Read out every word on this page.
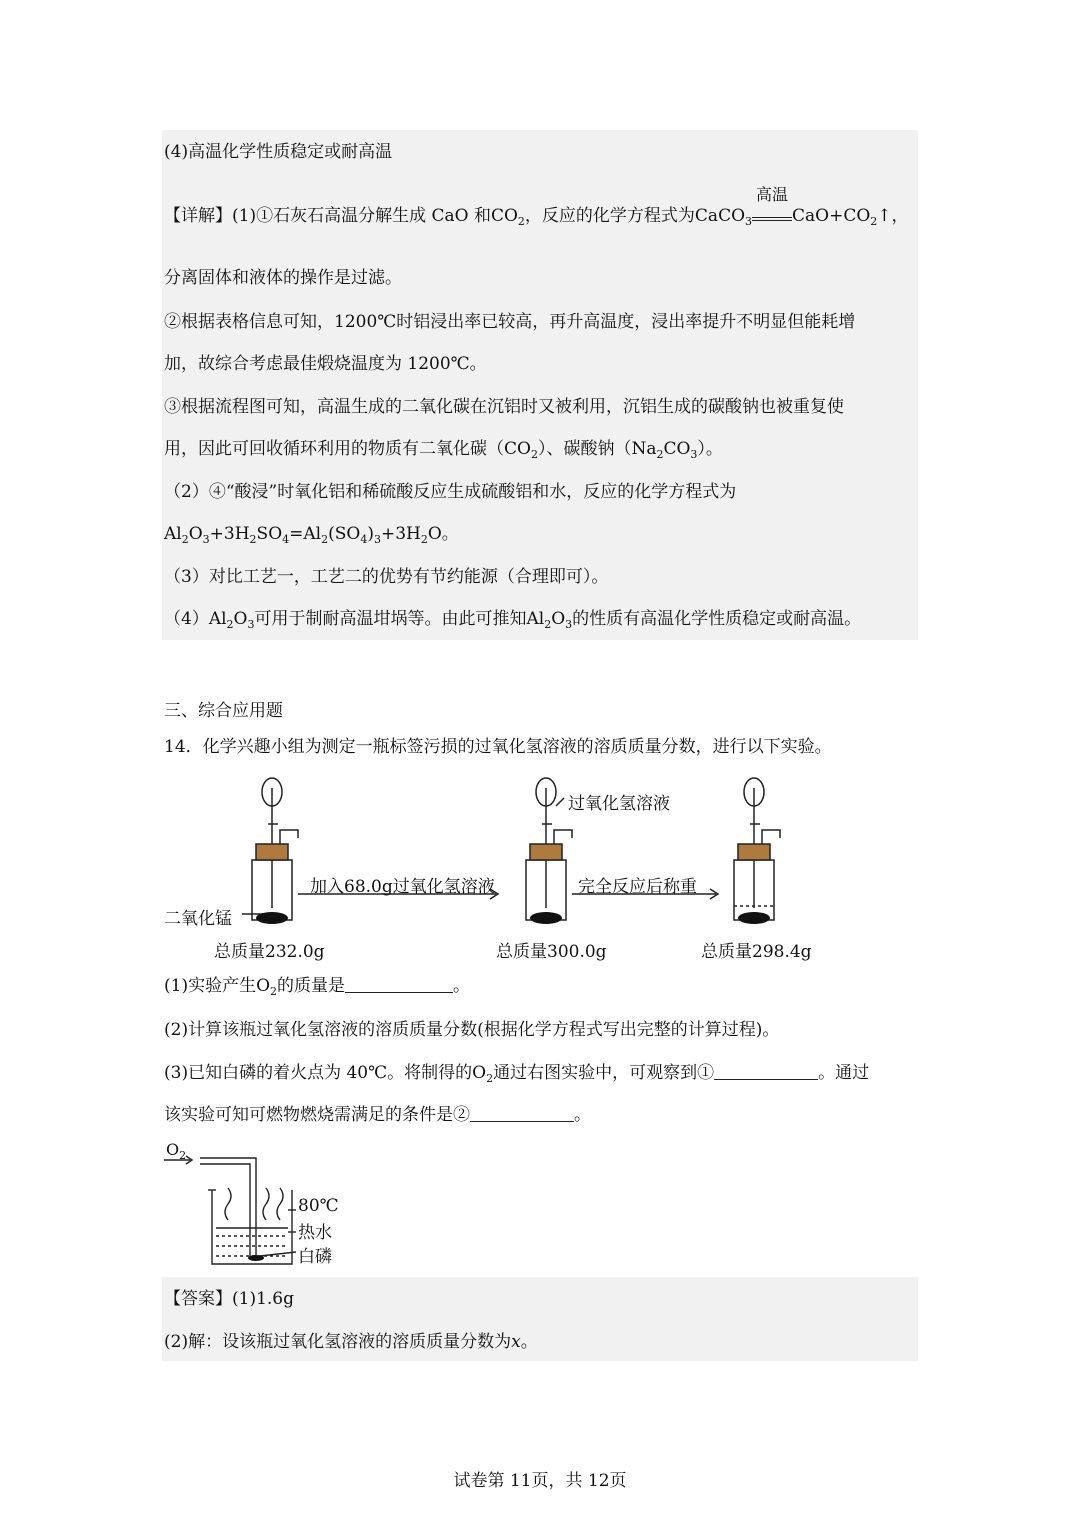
(4)高温化学性质稳定或耐高温
【详解】(1)①石灰石高温分解生成 CaO 和$CO_2$，反应的化学方程式为CaCO$_3$
高温
$CaO+CO_2↑$，
分离固体和液体的操作是过滤。
②根据表格信息可知，1200℃时铝浸出率已较高，再升高温度，浸出率提升不明显但能耗增
加，故综合考虑最佳煅烧温度为 1200℃。
③根据流程图可知，高温生成的二氧化碳在沉铝时又被利用，沉铝生成的碳酸钠也被重复使
用，因此可回收循环利用的物质有二氧化碳$(CO_2)$、碳酸钠$(Na_2CO_3)$。
（2）④“酸浸”时氧化铝和稀硫酸反应生成硫酸铝和水，反应的化学方程式为
$Al_2O_3+3H_2SO_4=Al_2(SO_4)_3+3H_2O$。
（3）对比工艺一，工艺二的优势有节约能源（合理即可）。
$(4)Al_2O_3$可用于制耐高温坩埚等。由此可推知$Al_2O_3$的性质有高温化学性质稳定或耐高温。
三、综合应用题
14．化学兴趣小组为测定一瓶标签污损的过氧化氢溶液的溶质质量分数，进行以下实验。
二氧化锰
过氧化氢溶液
加入68.0g过氧化氢溶液	完全反应后称重
总质量232.0g	总质量300.0g	总质量298.4g
(1)实验产生$O_2$的质量是	。
(2)计算该瓶过氧化氢溶液的溶质质量分数(根据化学方程式写出完整的计算过程)。
(3)已知白磷的着火点为 40℃。将制得的$O_2$通过右图实验中，可观察到①	。通过
该实验可知可燃物燃烧需满足的条件是②	。
$O_2$
80℃
热水
白磷
【答案】(1)1.6g
(2)解：设该瓶过氧化氢溶液的溶质质量分数为x。
试卷第 11页，共 12页
